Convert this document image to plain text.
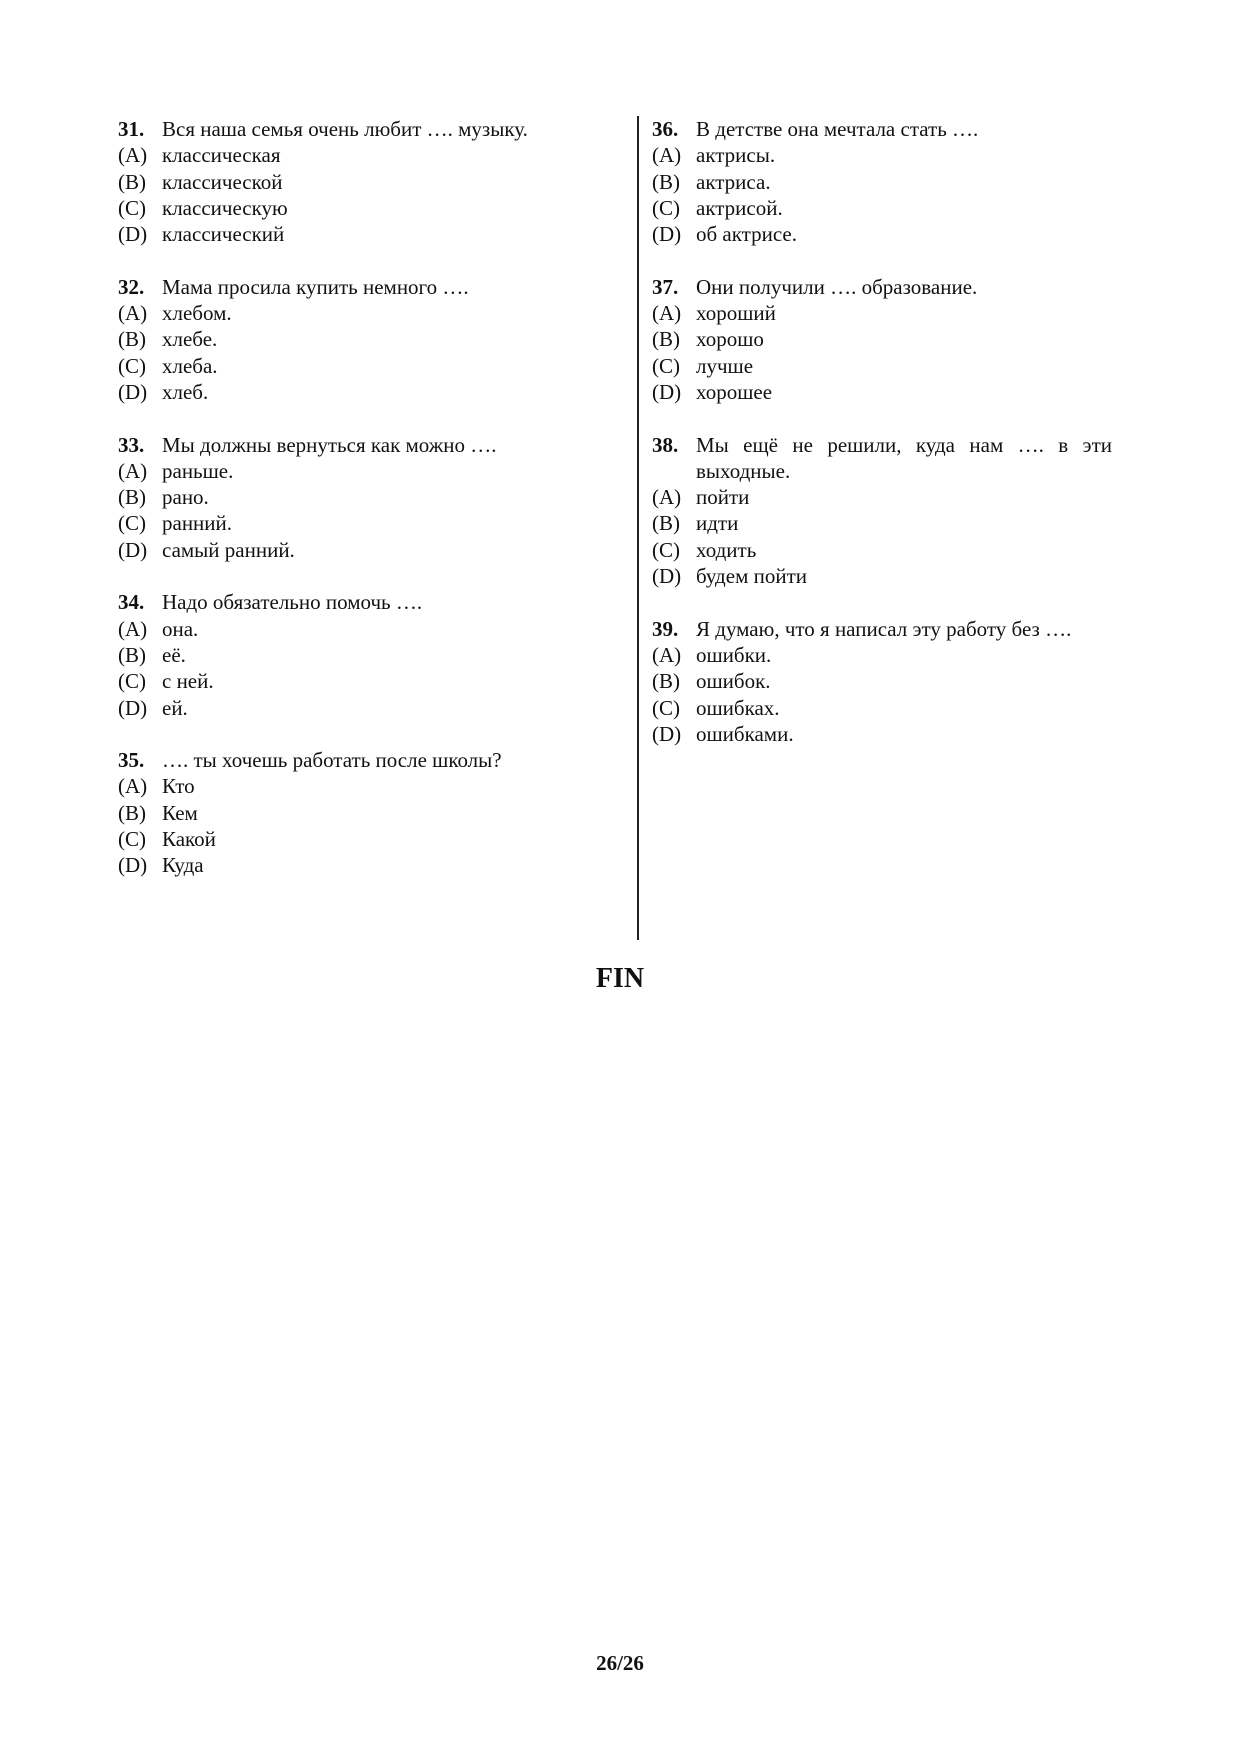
31. Вся наша семья очень любит …. музыку.
(A) классическая
(B) классической
(C) классическую
(D) классический
32. Мама просила купить немного ….
(A) хлебом.
(B) хлебе.
(C) хлеба.
(D) хлеб.
33. Мы должны вернуться как можно ….
(A) раньше.
(B) рано.
(C) ранний.
(D) самый ранний.
34. Надо обязательно помочь ….
(A) она.
(B) её.
(C) с ней.
(D) ей.
35. …. ты хочешь работать после школы?
(A) Кто
(B) Кем
(C) Какой
(D) Куда
36. В детстве она мечтала стать ….
(A) актрисы.
(B) актриса.
(C) актрисой.
(D) об актрисе.
37. Они получили …. образование.
(A) хороший
(B) хорошо
(C) лучше
(D) хорошее
38. Мы ещё не решили, куда нам …. в эти выходные.
(A) пойти
(B) идти
(C) ходить
(D) будем пойти
39. Я думаю, что я написал эту работу без ….
(A) ошибки.
(B) ошибок.
(C) ошибках.
(D) ошибками.
FIN
26/26
